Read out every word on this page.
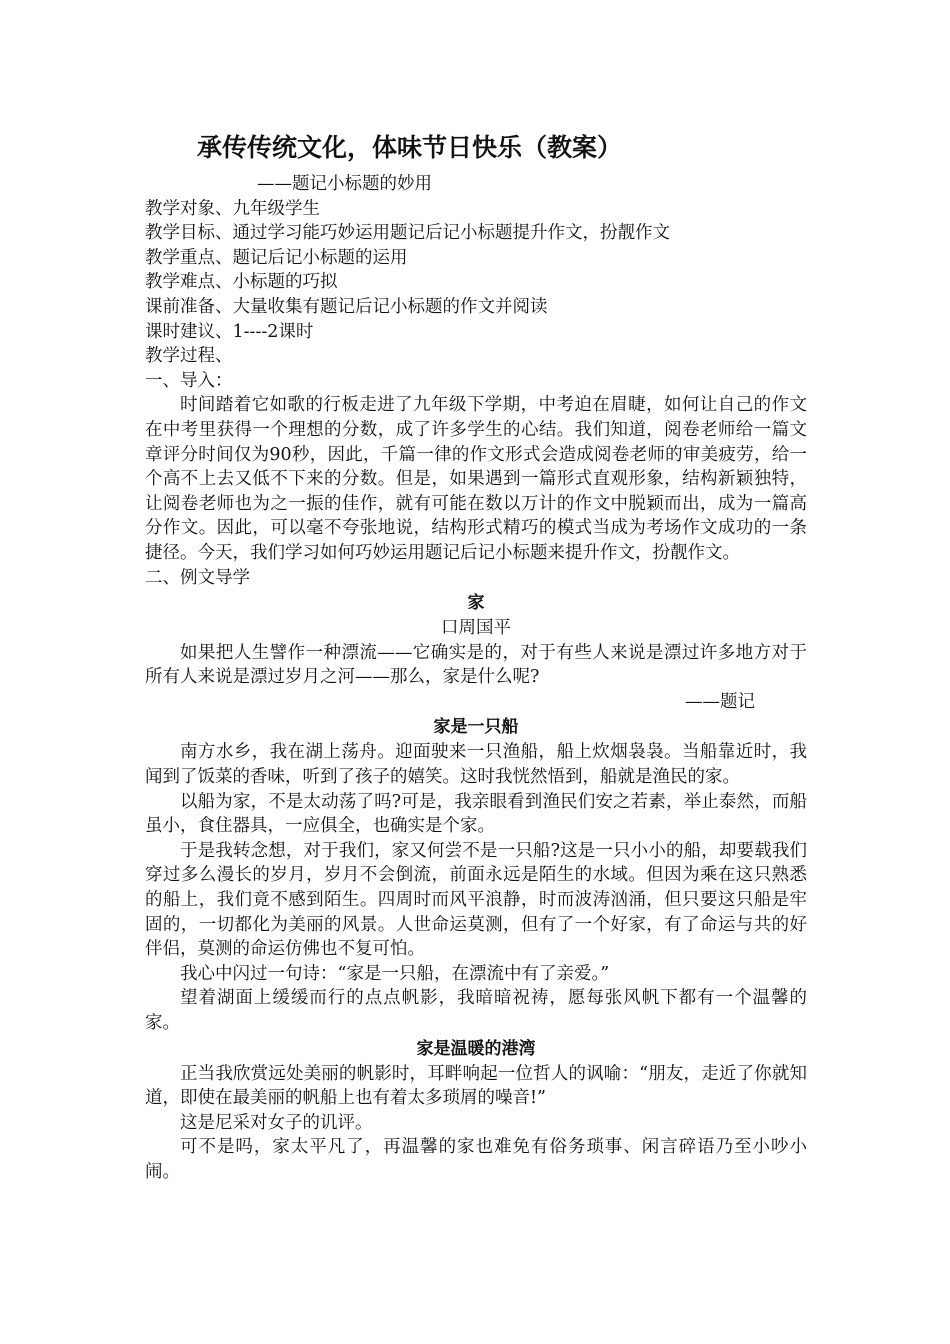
承传传统文化，体味节日快乐（教案）
——题记小标题的妙用
教学对象、九年级学生
教学目标、通过学习能巧妙运用题记后记小标题提升作文，扮靓作文
教学重点、题记后记小标题的运用
教学难点、小标题的巧拟
课前准备、大量收集有题记后记小标题的作文并阅读
课时建议、1----2课时
教学过程、
一、导入：

时间踏着它如歌的行板走进了九年级下学期，中考迫在眉睫，如何让自己的作文在中考里获得一个理想的分数，成了许多学生的心结。我们知道，阅卷老师给一篇文章评分时间仅为90秒，因此，千篇一律的作文形式会造成阅卷老师的审美疲劳，给一个高不上去又低不下来的分数。但是，如果遇到一篇形式直观形象，结构新颖独特，让阅卷老师也为之一振的佳作，就有可能在数以万计的作文中脱颖而出，成为一篇高分作文。因此，可以毫不夸张地说，结构形式精巧的模式当成为考场作文成功的一条捷径。今天，我们学习如何巧妙运用题记后记小标题来提升作文，扮靓作文。

二、例文导学
家
口周国平

如果把人生譬作一种漂流——它确实是的，对于有些人来说是漂过许多地方对于所有人来说是漂过岁月之河——那么，家是什么呢?

——题记
家是一只船

南方水乡，我在湖上荡舟。迎面驶来一只渔船，船上炊烟袅袅。当船靠近时，我闻到了饭菜的香味，听到了孩子的嬉笑。这时我恍然悟到，船就是渔民的家。

以船为家，不是太动荡了吗?可是，我亲眼看到渔民们安之若素，举止泰然，而船虽小，食住器具，一应俱全，也确实是个家。

于是我转念想，对于我们，家又何尝不是一只船?这是一只小小的船，却要载我们穿过多么漫长的岁月，岁月不会倒流，前面永远是陌生的水域。但因为乘在这只熟悉的船上，我们竟不感到陌生。四周时而风平浪静，时而波涛汹涌，但只要这只船是牢固的，一切都化为美丽的风景。人世命运莫测，但有了一个好家，有了命运与共的好伴侣，莫测的命运仿佛也不复可怕。

我心中闪过一句诗：“家是一只船，在漂流中有了亲爱。”

望着湖面上缓缓而行的点点帆影，我暗暗祝祷，愿每张风帆下都有一个温馨的家。

家是温暖的港湾

正当我欣赏远处美丽的帆影时，耳畔响起一位哲人的讽喻：“朋友，走近了你就知道，即使在最美丽的帆船上也有着太多琐屑的噪音!”

这是尼采对女子的讥评。

可不是吗，家太平凡了，再温馨的家也难免有俗务琐事、闲言碎语乃至小吵小闹。
